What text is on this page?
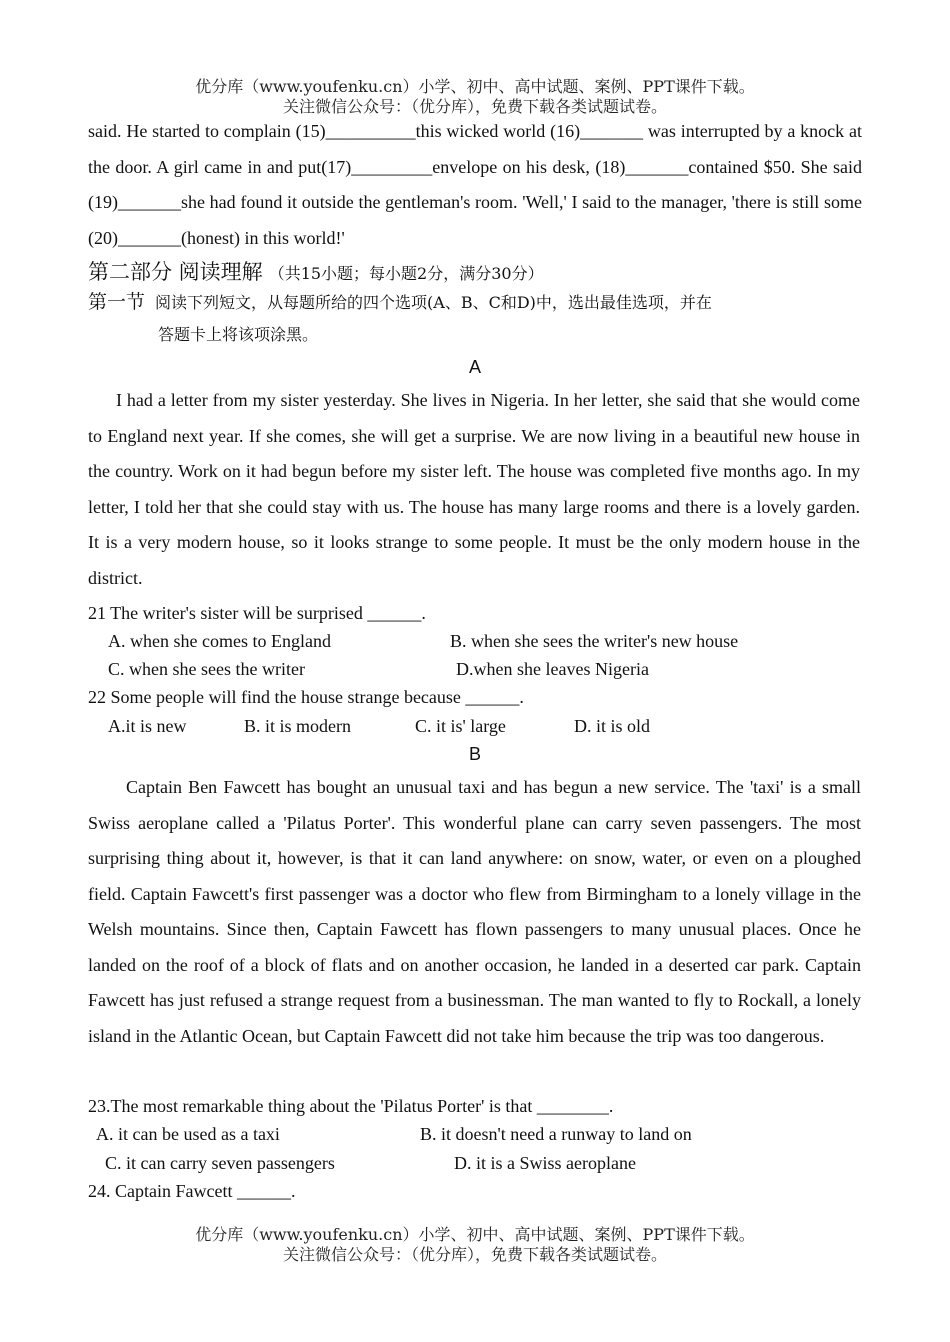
优分库（www.youfenku.cn）小学、初中、高中试题、案例、PPT课件下载。
关注微信公众号：（优分库），免费下载各类试题试卷。
said. He started to complain (15)__________this wicked world (16)_______ was interrupted by a knock at the door. A girl came in and put(17)_________envelope on his desk, (18)_______contained $50. She said (19)_______she had found it outside the gentleman's room. 'Well,' I said to the manager, 'there is still some (20)_______(honest) in this world!'
第二部分 阅读理解 （共15小题；每小题2分，满分30分）
第一节 阅读下列短文，从每题所给的四个选项(A、B、C和D)中，选出最佳选项，并在
答题卡上将该项涂黑。
A
I had a letter from my sister yesterday. She lives in Nigeria. In her letter, she said that she would come to England next year. If she comes, she will get a surprise. We are now living in a beautiful new house in the country. Work on it had begun before my sister left. The house was completed five months ago. In my letter, I told her that she could stay with us. The house has many large rooms and there is a lovely garden. It is a very modern house, so it looks strange to some people. It must be the only modern house in the district.
21 The writer's sister will be surprised ______.
A. when she comes to England	B. when she sees the writer's new house
C. when she sees the writer	D.when she leaves Nigeria
22 Some people will find the house strange because ______.
A.it is new	B. it is modern	C. it is' large	D. it is old
B
Captain Ben Fawcett has bought an unusual taxi and has begun a new service. The 'taxi' is a small Swiss aeroplane called a 'Pilatus Porter'. This wonderful plane can carry seven passengers. The most surprising thing about it, however, is that it can land anywhere: on snow, water, or even on a ploughed field. Captain Fawcett's first passenger was a doctor who flew from Birmingham to a lonely village in the Welsh mountains. Since then, Captain Fawcett has flown passengers to many unusual places. Once he landed on the roof of a block of flats and on another occasion, he landed in a deserted car park. Captain Fawcett has just refused a strange request from a businessman. The man wanted to fly to Rockall, a lonely island in the Atlantic Ocean, but Captain Fawcett did not take him because the trip was too dangerous.
23.The most remarkable thing about the 'Pilatus Porter' is that ________.
A. it can be used as a taxi	B. it doesn't need a runway to land on
C. it can carry seven passengers	D. it is a Swiss aeroplane
24. Captain Fawcett ______.
优分库（www.youfenku.cn）小学、初中、高中试题、案例、PPT课件下载。
关注微信公众号：（优分库），免费下载各类试题试卷。
